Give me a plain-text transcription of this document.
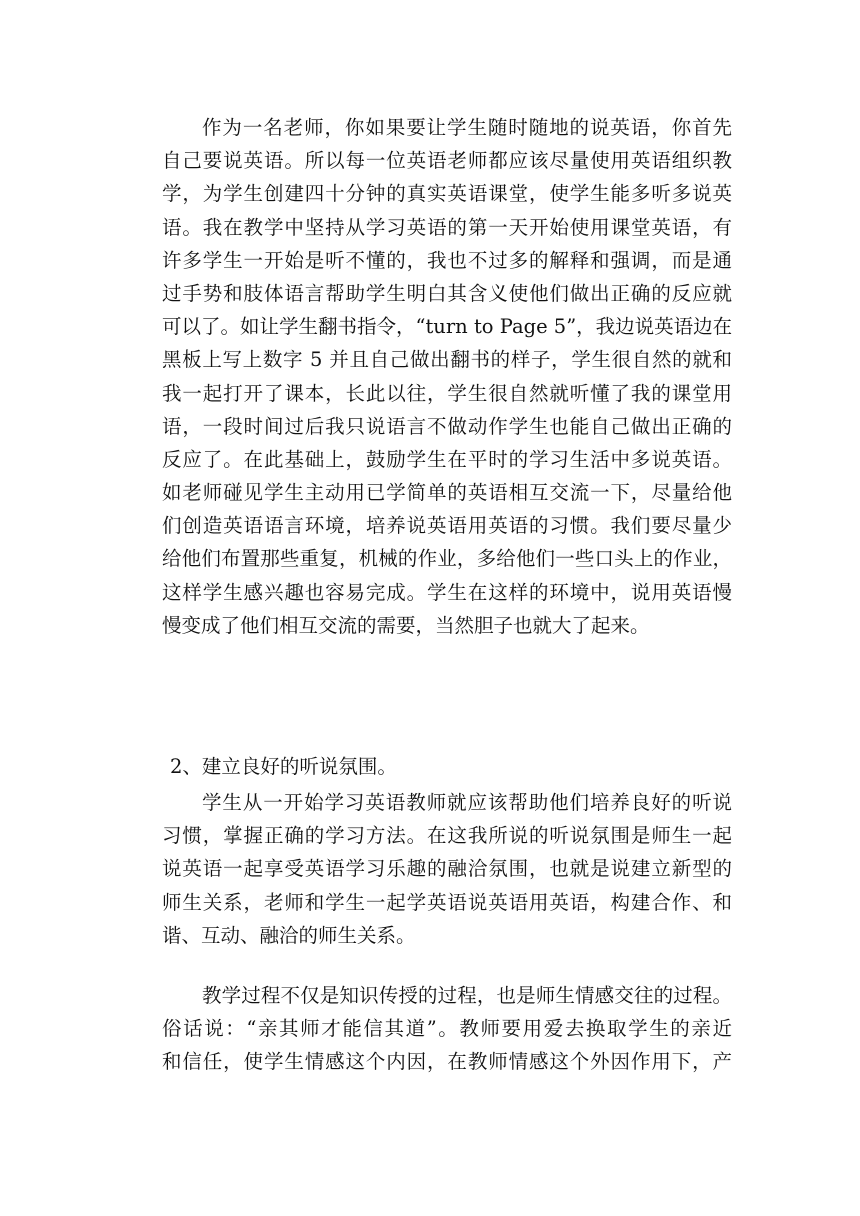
作为一名老师，你如果要让学生随时随地的说英语，你首先
自己要说英语。所以每一位英语老师都应该尽量使用英语组织教
学，为学生创建四十分钟的真实英语课堂，使学生能多听多说英
语。我在教学中坚持从学习英语的第一天开始使用课堂英语，有
许多学生一开始是听不懂的，我也不过多的解释和强调，而是通
过手势和肢体语言帮助学生明白其含义使他们做出正确的反应就
可以了。如让学生翻书指令，“turn to Page 5”，我边说英语边在
黑板上写上数字 5 并且自己做出翻书的样子，学生很自然的就和
我一起打开了课本，长此以往，学生很自然就听懂了我的课堂用
语，一段时间过后我只说语言不做动作学生也能自己做出正确的
反应了。在此基础上，鼓励学生在平时的学习生活中多说英语。
如老师碰见学生主动用已学简单的英语相互交流一下，尽量给他
们创造英语语言环境，培养说英语用英语的习惯。我们要尽量少
给他们布置那些重复，机械的作业，多给他们一些口头上的作业，
这样学生感兴趣也容易完成。学生在这样的环境中，说用英语慢
慢变成了他们相互交流的需要，当然胆子也就大了起来。
2、建立良好的听说氛围。
学生从一开始学习英语教师就应该帮助他们培养良好的听说
习惯，掌握正确的学习方法。在这我所说的听说氛围是师生一起
说英语一起享受英语学习乐趣的融洽氛围，也就是说建立新型的
师生关系，老师和学生一起学英语说英语用英语，构建合作、和
谐、互动、融洽的师生关系。
教学过程不仅是知识传授的过程，也是师生情感交往的过程。
俗话说：“亲其师才能信其道”。教师要用爱去换取学生的亲近
和信任，使学生情感这个内因，在教师情感这个外因作用下，产
